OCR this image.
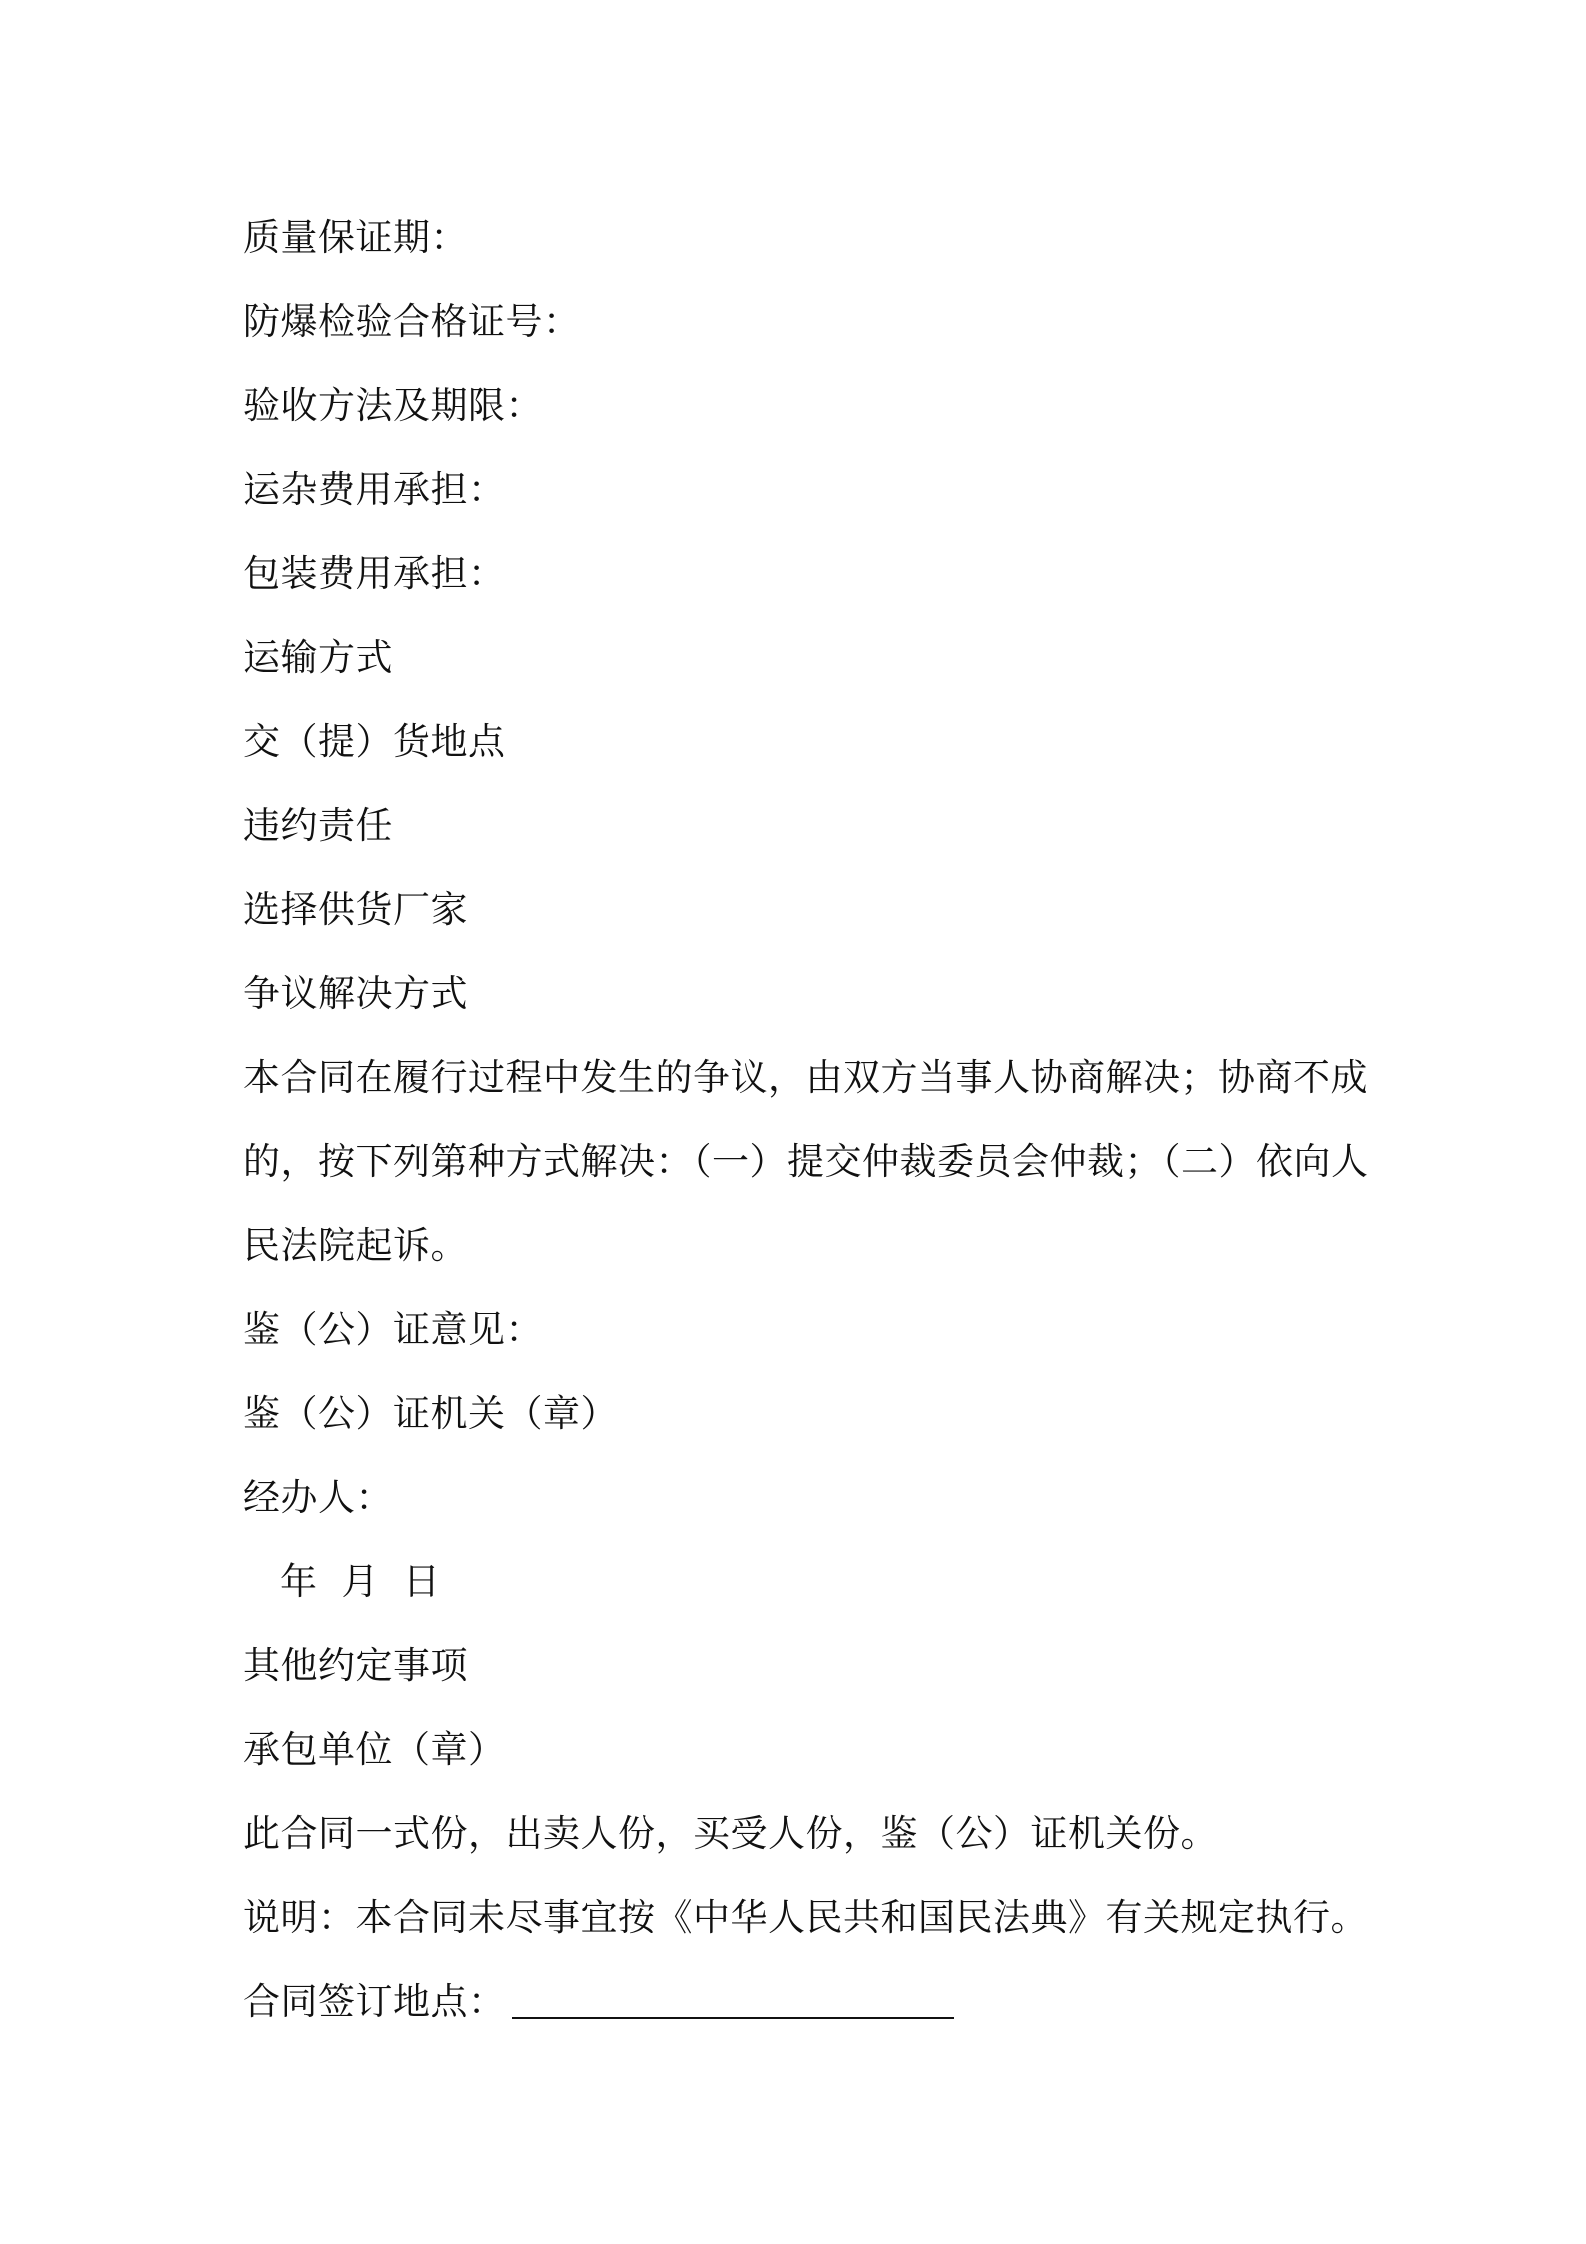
质量保证期：
防爆检验合格证号：
验收方法及期限：
运杂费用承担：
包装费用承担：
运输方式
交（提）货地点
违约责任
选择供货厂家
争议解决方式
本合同在履行过程中发生的争议，由双方当事人协商解决；协商不成
的，按下列第种方式解决：（一）提交仲裁委员会仲裁；（二）依向人
民法院起诉。
鉴（公）证意见：
鉴（公）证机关（章）
经办人：
年 月 日
其他约定事项
承包单位（章）
此合同一式份，出卖人份，买受人份，鉴（公）证机关份。
说明：本合同未尽事宜按《中华人民共和国民法典》有关规定执行。
合同签订地点：
